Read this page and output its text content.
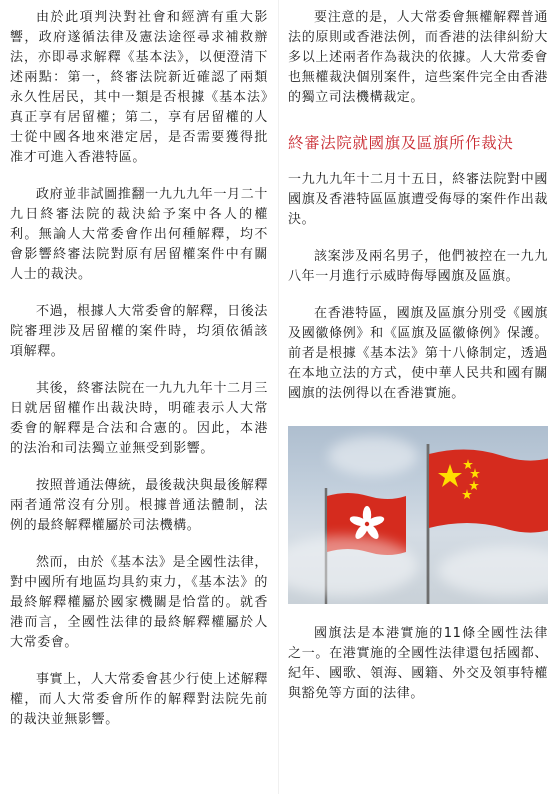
由於此項判決對社會和經濟有重大影響，政府遂循法律及憲法途徑尋求補救辦法，亦即尋求解釋《基本法》，以便澄清下述兩點：第一，終審法院新近確認了兩類永久性居民，其中一類是否根據《基本法》真正享有居留權；第二，享有居留權的人士從中國各地來港定居，是否需要獲得批准才可進入香港特區。

政府並非試圖推翻一九九九年一月二十九日終審法院的裁決給予案中各人的權利。無論人大常委會作出何種解釋，均不會影響終審法院對原有居留權案件中有關人士的裁決。

不過，根據人大常委會的解釋，日後法院審理涉及居留權的案件時，均須依循該項解釋。

其後，終審法院在一九九九年十二月三日就居留權作出裁決時，明確表示人大常委會的解釋是合法和合憲的。因此，本港的法治和司法獨立並無受到影響。

按照普通法傳統，最後裁決與最後解釋兩者通常沒有分別。根據普通法體制，法例的最終解釋權屬於司法機構。

然而，由於《基本法》是全國性法律，對中國所有地區均具約束力，《基本法》的最終解釋權屬於國家機關是恰當的。就香港而言，全國性法律的最終解釋權屬於人大常委會。

事實上，人大常委會甚少行使上述解釋權，而人大常委會所作的解釋對法院先前的裁決並無影響。

要注意的是，人大常委會無權解釋普通法的原則或香港法例，而香港的法律糾紛大多以上述兩者作為裁決的依據。人大常委會也無權裁決個別案件，這些案件完全由香港的獨立司法機構裁定。

終審法院就國旗及區旗所作裁決

一九九九年十二月十五日，終審法院對中國國旗及香港特區區旗遭受侮辱的案件作出裁決。

該案涉及兩名男子，他們被控在一九九八年一月進行示威時侮辱國旗及區旗。

在香港特區，國旗及區旗分別受《國旗及國徽條例》和《區旗及區徽條例》保護。前者是根據《基本法》第十八條制定，透過在本地立法的方式，使中華人民共和國有關國旗的法例得以在香港實施。

國旗法是本港實施的11條全國性法律之一。在港實施的全國性法律還包括國都、紀年、國歌、領海、國籍、外交及領事特權與豁免等方面的法律。
